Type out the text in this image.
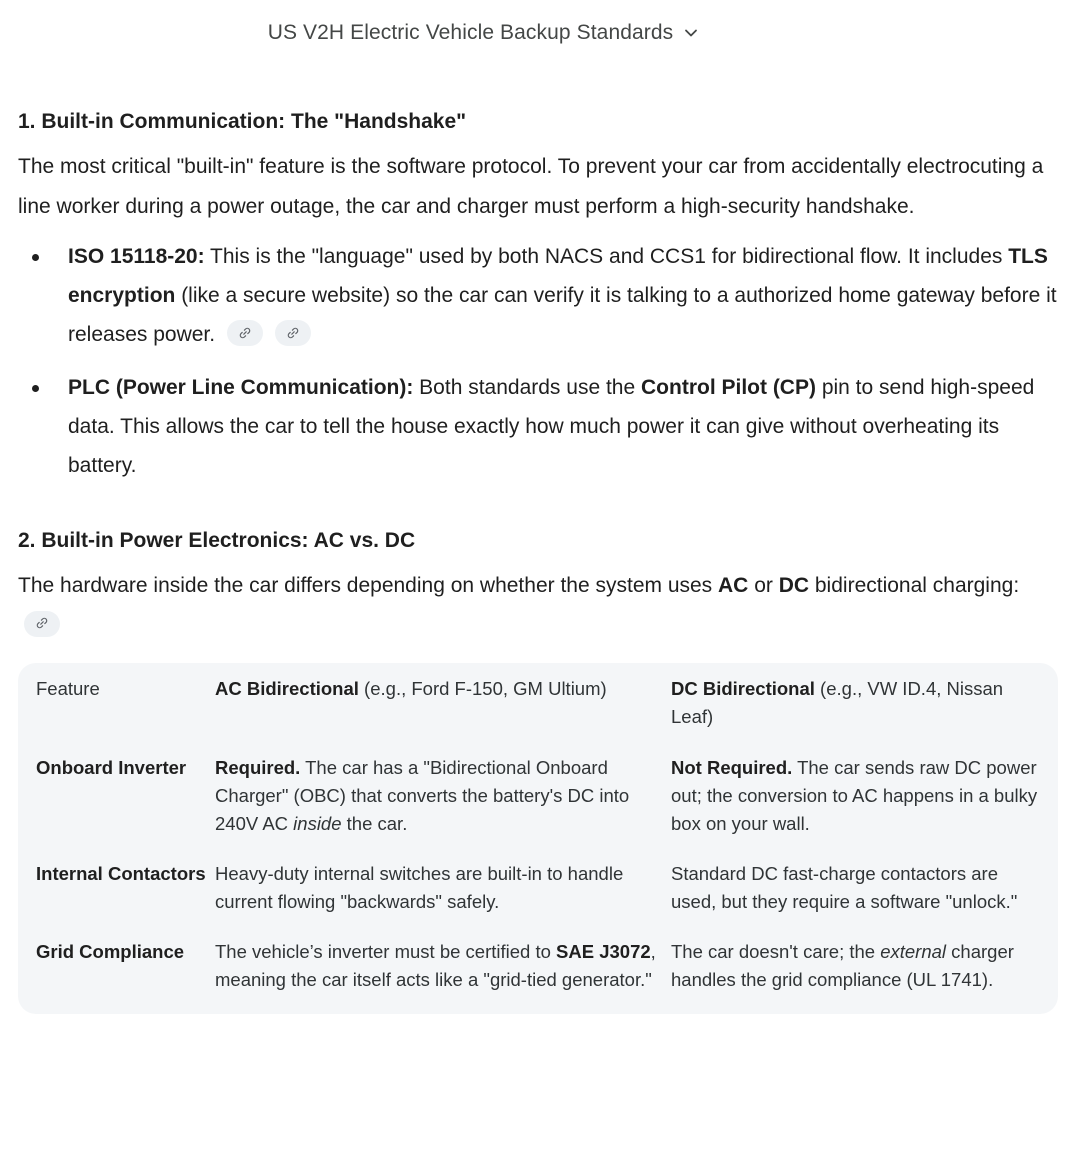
US V2H Electric Vehicle Backup Standards
1. Built-in Communication: The "Handshake"

The most critical "built-in" feature is the software protocol. To prevent your car from accidentally electrocuting a line worker during a power outage, the car and charger must perform a high-security handshake.

ISO 15118-20: This is the "language" used by both NACS and CCS1 for bidirectional flow. It includes TLS encryption (like a secure website) so the car can verify it is talking to a authorized home gateway before it releases power.

PLC (Power Line Communication): Both standards use the Control Pilot (CP) pin to send high-speed data. This allows the car to tell the house exactly how much power it can give without overheating its battery.
2. Built-in Power Electronics: AC vs. DC

The hardware inside the car differs depending on whether the system uses AC or DC bidirectional charging:

Feature	AC Bidirectional (e.g., Ford F-150, GM Ultium)	DC Bidirectional (e.g., VW ID.4, Nissan Leaf)
Onboard Inverter	Required. The car has a "Bidirectional Onboard Charger" (OBC) that converts the battery's DC into 240V AC inside the car.	Not Required. The car sends raw DC power out; the conversion to AC happens in a bulky box on your wall.
Internal Contactors	Heavy-duty internal switches are built-in to handle current flowing "backwards" safely.	Standard DC fast-charge contactors are used, but they require a software "unlock."
Grid Compliance	The vehicle’s inverter must be certified to SAE J3072, meaning the car itself acts like a "grid-tied generator."	The car doesn't care; the external charger handles the grid compliance (UL 1741).
